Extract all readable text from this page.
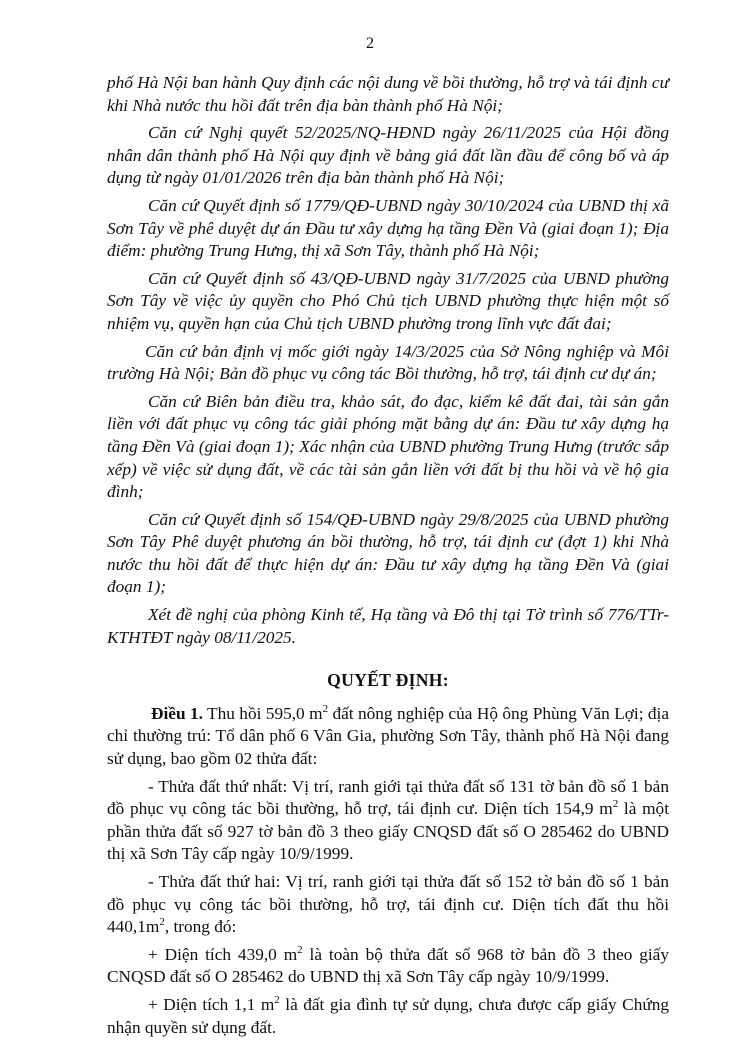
2

phố Hà Nội ban hành Quy định các nội dung về bồi thường, hỗ trợ và tái định cư khi Nhà nước thu hồi đất trên địa bàn thành phố Hà Nội;

Căn cứ Nghị quyết 52/2025/NQ-HĐND ngày 26/11/2025 của Hội đồng nhân dân thành phố Hà Nội quy định về bảng giá đất lần đầu để công bố và áp dụng từ ngày 01/01/2026 trên địa bàn thành phố Hà Nội;

Căn cứ Quyết định số 1779/QĐ-UBND ngày 30/10/2024 của UBND thị xã Sơn Tây về phê duyệt dự án Đầu tư xây dựng hạ tầng Đền Và (giai đoạn 1); Địa điểm: phường Trung Hưng, thị xã Sơn Tây, thành phố Hà Nội;

Căn cứ Quyết định số 43/QĐ-UBND ngày 31/7/2025 của UBND phường Sơn Tây về việc ủy quyền cho Phó Chủ tịch UBND phường thực hiện một số nhiệm vụ, quyền hạn của Chủ tịch UBND phường trong lĩnh vực đất đai;

Căn cứ bản định vị mốc giới ngày 14/3/2025 của Sở Nông nghiệp và Môi trường Hà Nội; Bản đồ phục vụ công tác Bồi thường, hỗ trợ, tái định cư dự án;

Căn cứ Biên bản điều tra, khảo sát, đo đạc, kiểm kê đất đai, tài sản gắn liền với đất phục vụ công tác giải phóng mặt bằng dự án: Đầu tư xây dựng hạ tầng Đền Và (giai đoạn 1); Xác nhận của UBND phường Trung Hưng (trước sắp xếp) về việc sử dụng đất, về các tài sản gắn liền với đất bị thu hồi và về hộ gia đình;

Căn cứ Quyết định số 154/QĐ-UBND ngày 29/8/2025 của UBND phường Sơn Tây Phê duyệt phương án bồi thường, hỗ trợ, tái định cư (đợt 1) khi Nhà nước thu hồi đất để thực hiện dự án: Đầu tư xây dựng hạ tầng Đền Và (giai đoạn 1);

Xét đề nghị của phòng Kinh tế, Hạ tầng và Đô thị tại Tờ trình số 776/TTr-KTHTĐT ngày 08/11/2025.

QUYẾT ĐỊNH:

Điều 1. Thu hồi 595,0 $m^2$ đất nông nghiệp của Hộ ông Phùng Văn Lợi; địa chỉ thường trú: Tổ dân phố 6 Vân Gia, phường Sơn Tây, thành phố Hà Nội đang sử dụng, bao gồm 02 thửa đất:

- Thửa đất thứ nhất: Vị trí, ranh giới tại thửa đất số 131 tờ bản đồ số 1 bản đồ phục vụ công tác bồi thường, hỗ trợ, tái định cư. Diện tích 154,9 $m^2$ là một phần thửa đất số 927 tờ bản đồ 3 theo giấy CNQSD đất số O 285462 do UBND thị xã Sơn Tây cấp ngày 10/9/1999.

- Thửa đất thứ hai: Vị trí, ranh giới tại thửa đất số 152 tờ bản đồ số 1 bản đồ phục vụ công tác bồi thường, hỗ trợ, tái định cư. Diện tích đất thu hồi $440,1m^2$, trong đó:

+ Diện tích 439,0 $m^2$ là toàn bộ thửa đất số 968 tờ bản đồ 3 theo giấy CNQSD đất số O 285462 do UBND thị xã Sơn Tây cấp ngày 10/9/1999.

+ Diện tích 1,1 $m^2$ là đất gia đình tự sử dụng, chưa được cấp giấy Chứng nhận quyền sử dụng đất.
